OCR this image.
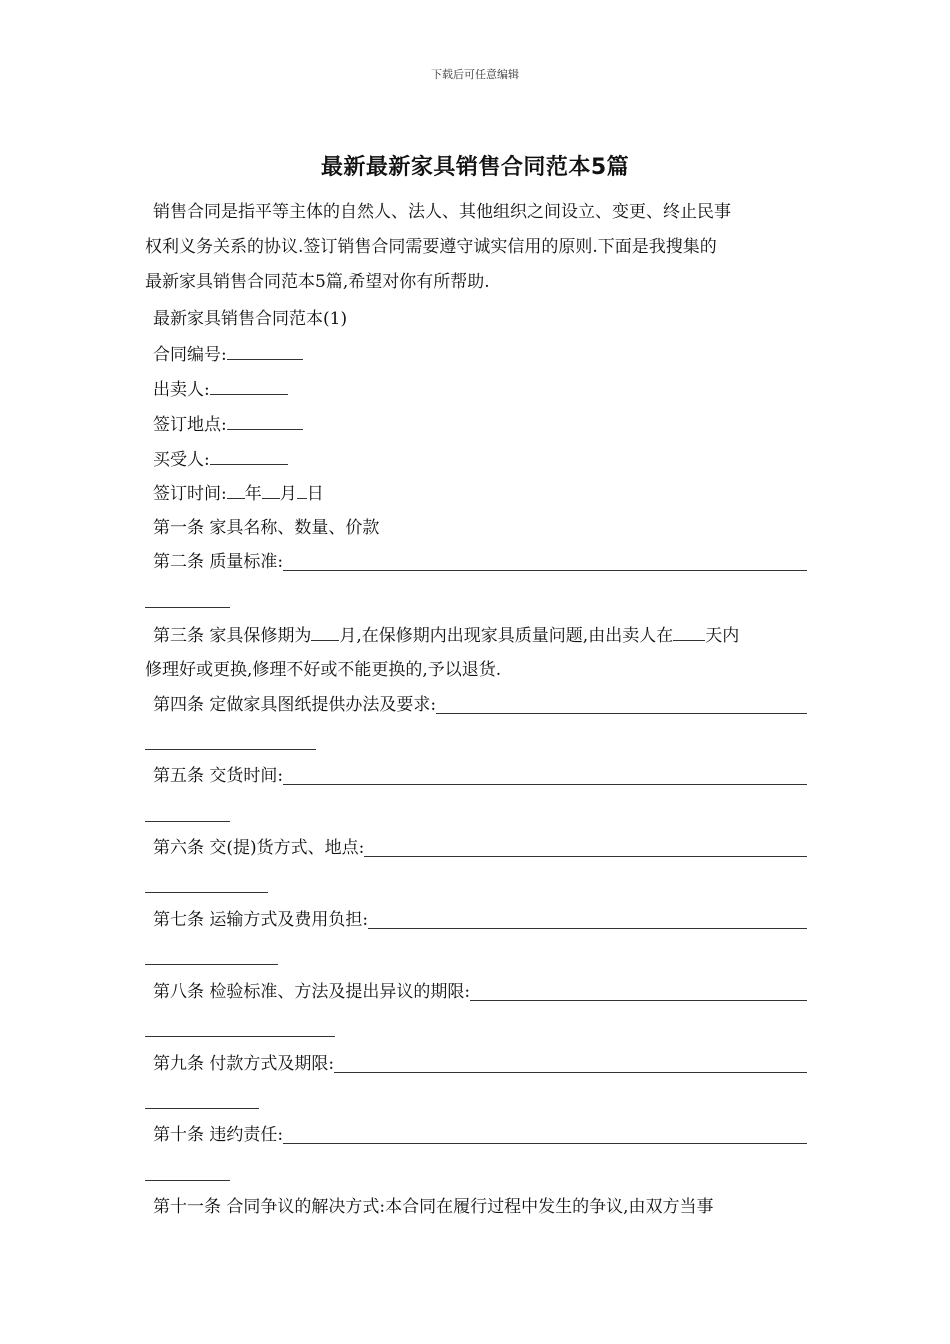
下载后可任意编辑
最新最新家具销售合同范本5篇
销售合同是指平等主体的自然人、法人、其他组织之间设立、变更、终止民事
权利义务关系的协议.签订销售合同需要遵守诚实信用的原则.下面是我搜集的
最新家具销售合同范本5篇,希望对你有所帮助.
最新家具销售合同范本(1)
合同编号:
出卖人:
签订地点:
买受人:
签订时间: 年 月 日
第一条 家具名称、数量、价款
第二条 质量标准:
第三条 家具保修期为 月,在保修期内出现家具质量问题,由出卖人在 天内
修理好或更换,修理不好或不能更换的,予以退货.
第四条 定做家具图纸提供办法及要求:
第五条 交货时间:
第六条 交(提)货方式、地点:
第七条 运输方式及费用负担:
第八条 检验标准、方法及提出异议的期限:
第九条 付款方式及期限:
第十条 违约责任:
第十一条 合同争议的解决方式:本合同在履行过程中发生的争议,由双方当事
